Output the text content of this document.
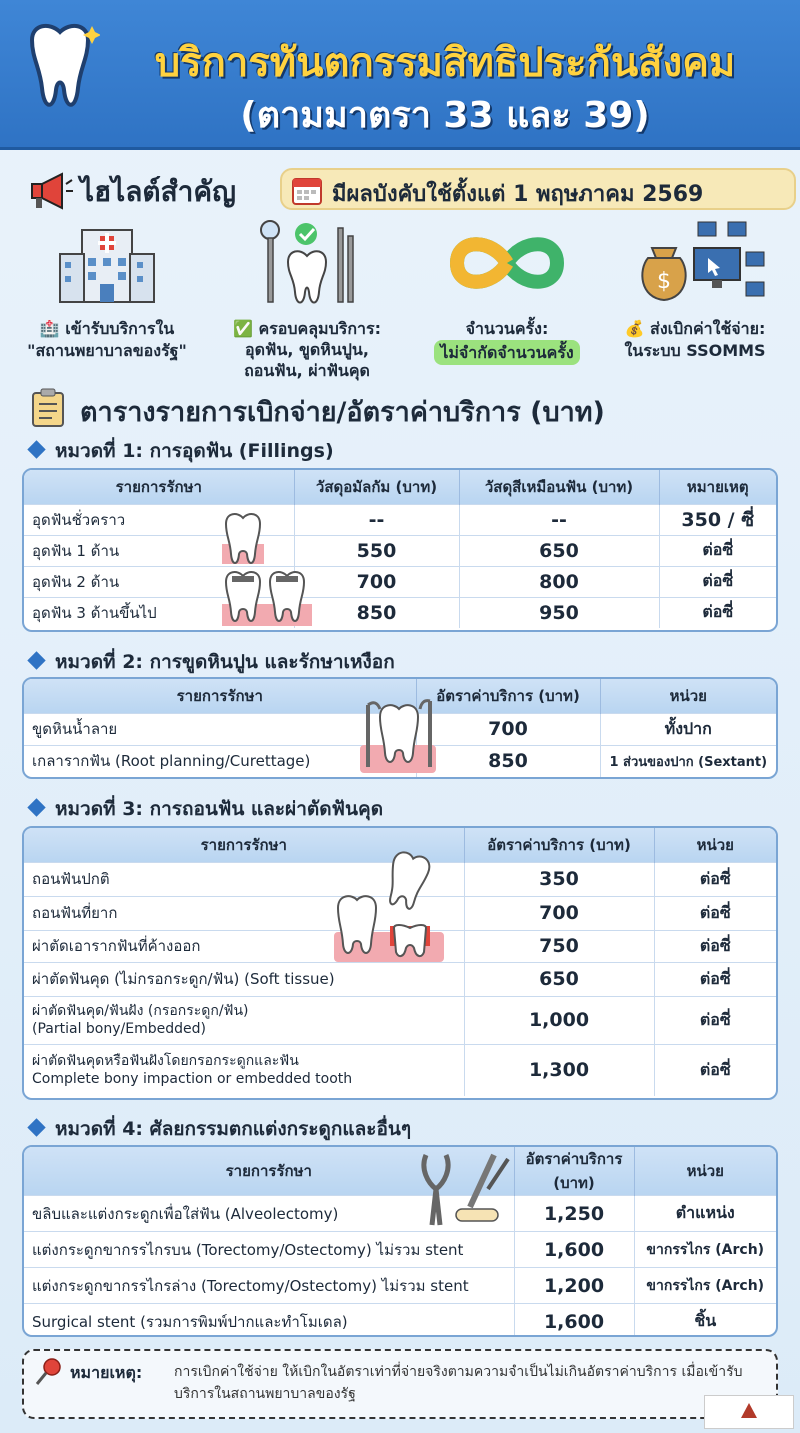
บริการทันตกรรมสิทธิประกันสังคม
(ตามมาตรา 33 และ 39)
ไฮไลต์สำคัญ	มีผลบังคับใช้ตั้งแต่ 1 พฤษภาคม 2569
🏥 เข้ารับบริการใน
"สถานพยาบาลของรัฐ"
✅ ครอบคลุมบริการ:
อุดฟัน, ขูดหินปูน,
ถอนฟัน, ผ่าฟันคุด
จำนวนครั้ง:
ไม่จำกัดจำนวนครั้ง
$
💰 ส่งเบิกค่าใช้จ่าย:
ในระบบ SSOMMS
ตารางรายการเบิกจ่าย/อัตราค่าบริการ (บาท)
หมวดที่ 1: การอุดฟัน (Fillings)
รายการรักษา	วัสดุอมัลกัม (บาท)	วัสดุสีเหมือนฟัน (บาท)	หมายเหตุ
อุดฟันชั่วคราว	--	--	350 / ซี่
อุดฟัน 1 ด้าน	550	650	ต่อซี่
อุดฟัน 2 ด้าน	700	800	ต่อซี่
อุดฟัน 3 ด้านขึ้นไป	850	950	ต่อซี่
หมวดที่ 2: การขูดหินปูน และรักษาเหงือก
รายการรักษา	อัตราค่าบริการ (บาท)	หน่วย
ขูดหินน้ำลาย	700	ทั้งปาก
เกลารากฟัน (Root planning/Curettage)	850	1 ส่วนของปาก (Sextant)
หมวดที่ 3: การถอนฟัน และผ่าตัดฟันคุด
รายการรักษา	อัตราค่าบริการ (บาท)	หน่วย
ถอนฟันปกติ	350	ต่อซี่
ถอนฟันที่ยาก	700	ต่อซี่
ผ่าตัดเอารากฟันที่ค้างออก	750	ต่อซี่
ผ่าตัดฟันคุด (ไม่กรอกระดูก/ฟัน) (Soft tissue)	650	ต่อซี่

ผ่าตัดฟันคุด/ฟันฝัง (กรอกระดูก/ฟัน)
(Partial bony/Embedded)	1,000	ต่อซี่

ผ่าตัดฟันคุดหรือฟันฝังโดยกรอกระดูกและฟัน
Complete bony impaction or embedded tooth	1,300	ต่อซี่
หมวดที่ 4: ศัลยกรรมตกแต่งกระดูกและอื่นๆ
รายการรักษา	อัตราค่าบริการ (บาท)	หน่วย
ขลิบและแต่งกระดูกเพื่อใส่ฟัน (Alveolectomy)	1,250	ตำแหน่ง
แต่งกระดูกขากรรไกรบน (Torectomy/Ostectomy) ไม่รวม stent	1,600	ขากรรไกร (Arch)
แต่งกระดูกขากรรไกรล่าง (Torectomy/Ostectomy) ไม่รวม stent	1,200	ขากรรไกร (Arch)
Surgical stent (รวมการพิมพ์ปากและทำโมเดล)	1,600	ชิ้น
หมายเหตุ: การเบิกค่าใช้จ่าย ให้เบิกในอัตราเท่าที่จ่ายจริงตามความจำเป็นไม่เกินอัตราค่าบริการ เมื่อเข้ารับบริการในสถานพยาบาลของรัฐ
